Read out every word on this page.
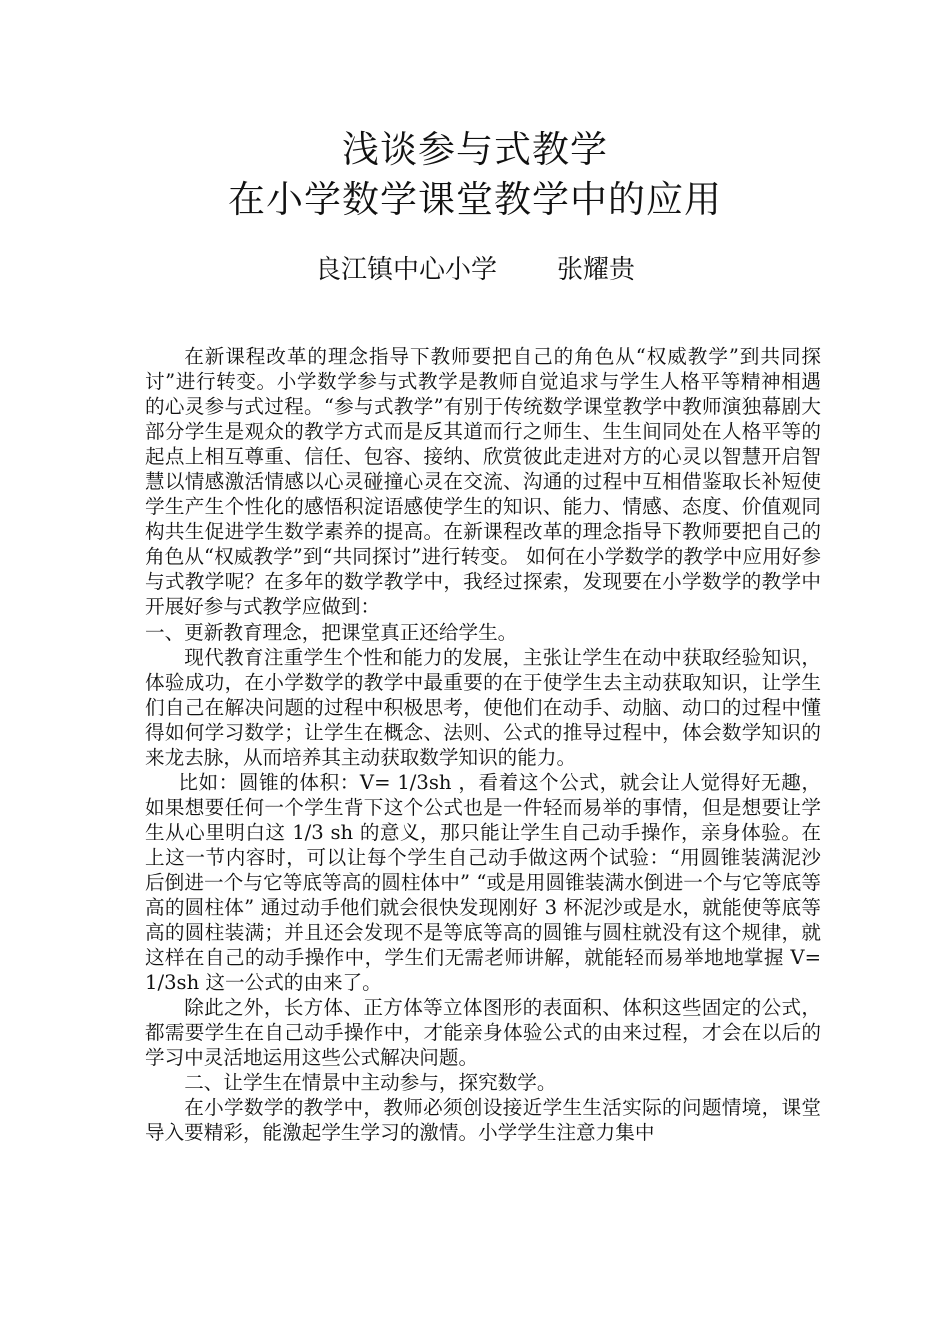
浅谈参与式教学
在小学数学课堂教学中的应用
良江镇中心小学 张耀贵

在新课程改革的理念指导下教师要把自己的角色从“权威教学”到共同探讨”进行转变。小学数学参与式教学是教师自觉追求与学生人格平等精神相遇的心灵参与式过程。“参与式教学”有别于传统数学课堂教学中教师演独幕剧大部分学生是观众的教学方式而是反其道而行之师生、生生间同处在人格平等的起点上相互尊重、信任、包容、接纳、欣赏彼此走进对方的心灵以智慧开启智慧以情感激活情感以心灵碰撞心灵在交流、沟通的过程中互相借鉴取长补短使学生产生个性化的感悟积淀语感使学生的知识、能力、情感、态度、价值观同构共生促进学生数学素养的提高。在新课程改革的理念指导下教师要把自己的角色从“权威教学”到“共同探讨”进行转变。 如何在小学数学的教学中应用好参与式教学呢？在多年的数学教学中，我经过探索，发现要在小学数学的教学中开展好参与式教学应做到：

一、更新教育理念，把课堂真正还给学生。

现代教育注重学生个性和能力的发展，主张让学生在动中获取经验知识，体验成功，在小学数学的教学中最重要的在于使学生去主动获取知识，让学生们自己在解决问题的过程中积极思考，使他们在动手、动脑、动口的过程中懂得如何学习数学；让学生在概念、法则、公式的推导过程中，体会数学知识的来龙去脉，从而培养其主动获取数学知识的能力。

比如：圆锥的体积：V= 1/3sh ，看着这个公式，就会让人觉得好无趣，如果想要任何一个学生背下这个公式也是一件轻而易举的事情，但是想要让学生从心里明白这 1/3 sh 的意义，那只能让学生自己动手操作，亲身体验。在上这一节内容时，可以让每个学生自己动手做这两个试验：“用圆锥装满泥沙后倒进一个与它等底等高的圆柱体中” “或是用圆锥装满水倒进一个与它等底等高的圆柱体” 通过动手他们就会很快发现刚好 3 杯泥沙或是水，就能使等底等高的圆柱装满；并且还会发现不是等底等高的圆锥与圆柱就没有这个规律，就这样在自己的动手操作中，学生们无需老师讲解，就能轻而易举地地掌握 V= 1/3sh 这一公式的由来了。

除此之外，长方体、正方体等立体图形的表面积、体积这些固定的公式，都需要学生在自己动手操作中，才能亲身体验公式的由来过程，才会在以后的学习中灵活地运用这些公式解决问题。

二、让学生在情景中主动参与，探究数学。

在小学数学的教学中，教师必须创设接近学生生活实际的问题情境，课堂导入要精彩，能激起学生学习的激情。小学学生注意力集中
